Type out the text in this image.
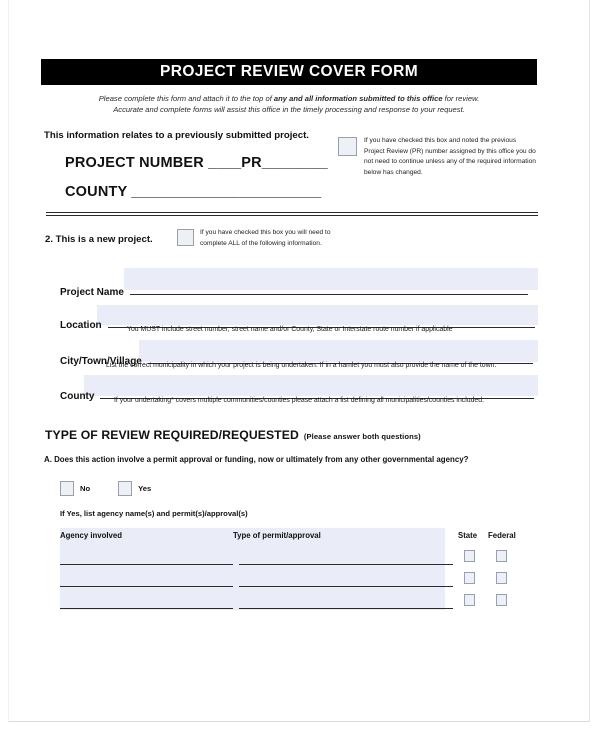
PROJECT REVIEW COVER FORM
Please complete this form and attach it to the top of any and all information submitted to this office for review.
Accurate and complete forms will assist this office in the timely processing and response to your request.
This information relates to a previously submitted project.
PROJECT NUMBER ____PR________
COUNTY _______________________
If you have checked this box and noted the previous Project Review (PR) number assigned by this office you do not need to continue unless any of the required information below has changed.
2. This is a new project.
If you have checked this box you will need to complete ALL of the following information.
Project Name
Location	You MUST include street number, street name and/or County, State or Interstate route number if applicable
City/Town/Village
List the correct municipality in which your project is being undertaken. If in a hamlet you must also provide the name of the town.
County	If your undertaking* covers multiple communities/counties please attach a list defining all municipalities/counties included.
TYPE OF REVIEW REQUIRED/REQUESTED (Please answer both questions)
A. Does this action involve a permit approval or funding, now or ultimately from any other governmental agency?
No	Yes
If Yes, list agency name(s) and permit(s)/approval(s)
Agency involved	Type of permit/approval	State Federal
